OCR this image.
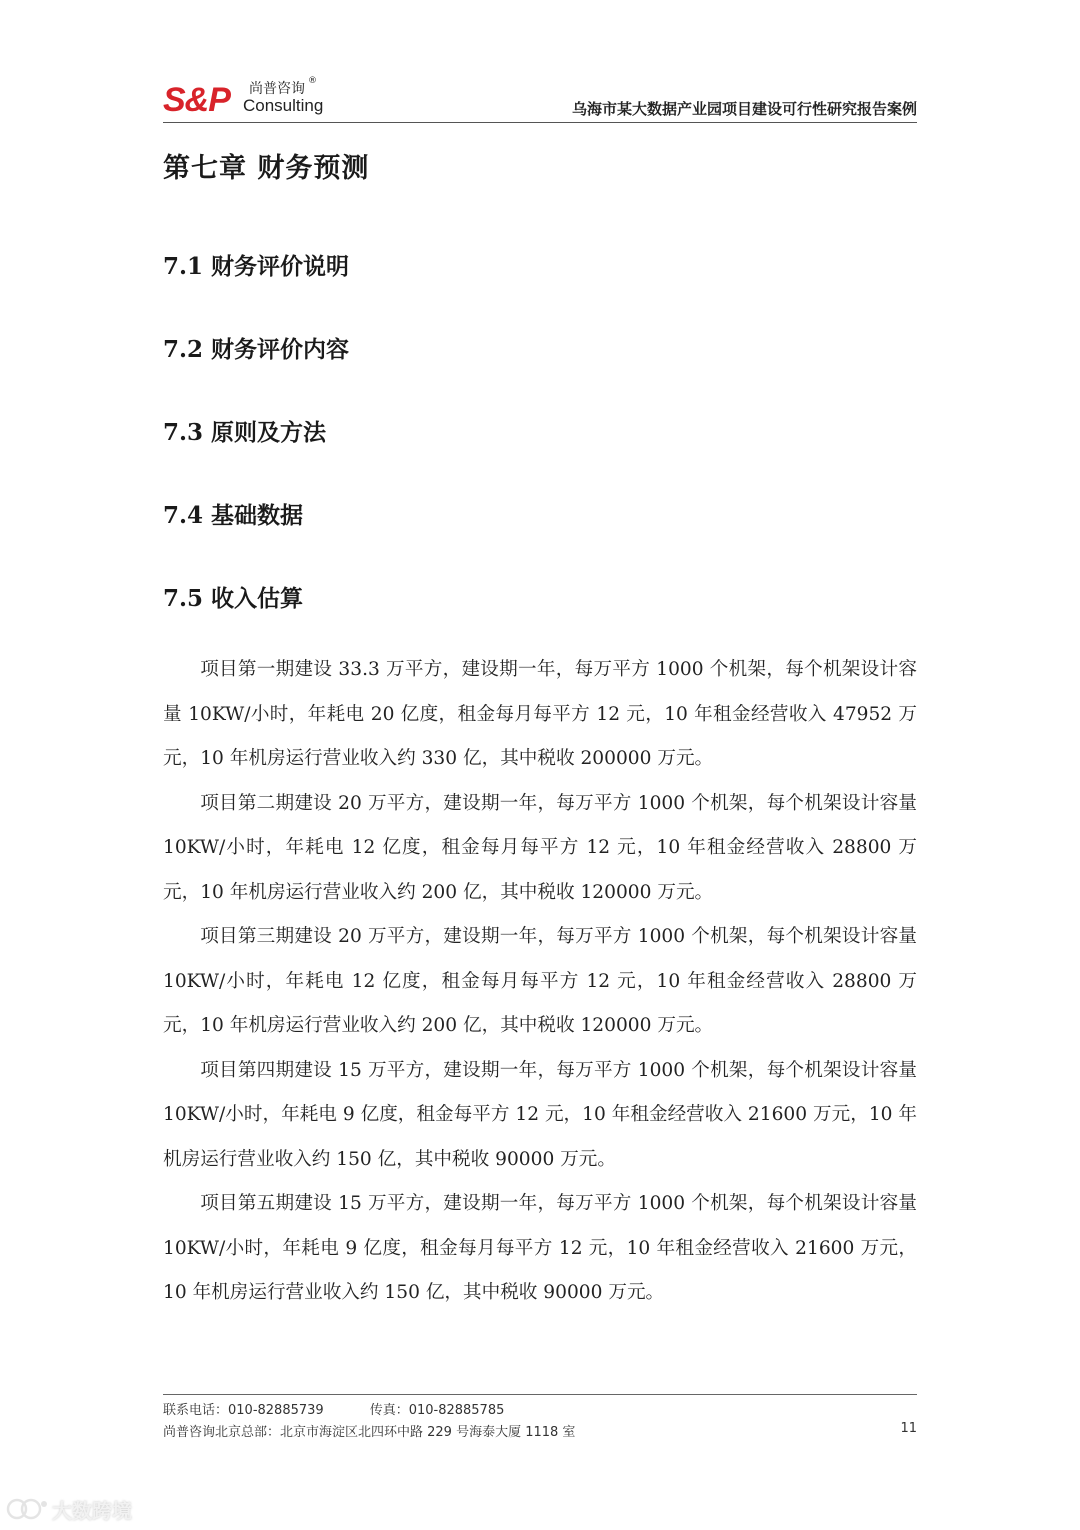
S&P 尚普咨询 ®
Consulting	乌海市某大数据产业园项目建设可行性研究报告案例
第七章 财务预测
7.1 财务评价说明
7.2 财务评价内容
7.3 原则及方法
7.4 基础数据
7.5 收入估算

项目第一期建设 33.3 万平方，建设期一年，每万平方 1000 个机架，每个机架设计容量 10KW/小时，年耗电 20 亿度，租金每月每平方 12 元，10 年租金经营收入 47952 万元，10 年机房运行营业收入约 330 亿，其中税收 200000 万元。

项目第二期建设 20 万平方，建设期一年，每万平方 1000 个机架，每个机架设计容量 10KW/小时，年耗电 12 亿度，租金每月每平方 12 元，10 年租金经营收入 28800 万元，10 年机房运行营业收入约 200 亿，其中税收 120000 万元。

项目第三期建设 20 万平方，建设期一年，每万平方 1000 个机架，每个机架设计容量 10KW/小时，年耗电 12 亿度，租金每月每平方 12 元，10 年租金经营收入 28800 万元，10 年机房运行营业收入约 200 亿，其中税收 120000 万元。

项目第四期建设 15 万平方，建设期一年，每万平方 1000 个机架，每个机架设计容量 10KW/小时，年耗电 9 亿度，租金每平方 12 元，10 年租金经营收入 21600 万元，10 年机房运行营业收入约 150 亿，其中税收 90000 万元。

项目第五期建设 15 万平方，建设期一年，每万平方 1000 个机架，每个机架设计容量 10KW/小时，年耗电 9 亿度，租金每月每平方 12 元，10 年租金经营收入 21600 万元，10 年机房运行营业收入约 150 亿，其中税收 90000 万元。

联系电话：010-82885739	传真：010-82885785
尚普咨询北京总部：北京市海淀区北四环中路 229 号海泰大厦 1118 室	11
大数跨境
